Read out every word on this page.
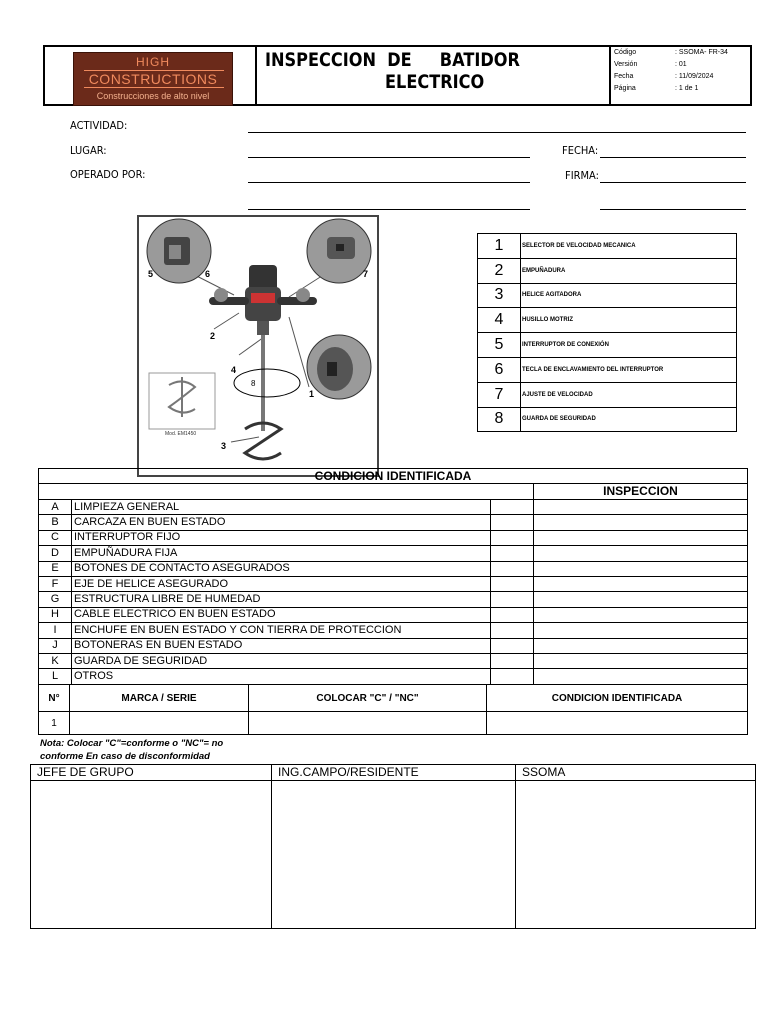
HIGH
CONSTRUCTIONS
Construcciones de alto nivel
INSPECCION  DE     BATIDOR
ELECTRICO
Código	: SSOMA- FR-34
Versión	: 01
Fecha	: 11/09/2024
Página	: 1 de 1
ACTIVIDAD:
LUGAR:	FECHA:
OPERADO POR:	FIRMA:
Mod. EM1450
5	6	7
2
4
1
3
8
1	SELECTOR DE VELOCIDAD MECANICA
2	EMPUÑADURA
3	HELICE AGITADORA
4	HUSILLO MOTRIZ
5	INTERRUPTOR DE CONEXIÓN
6	TECLA DE ENCLAVAMIENTO DEL INTERRUPTOR
7	AJUSTE DE VELOCIDAD
8	GUARDA DE SEGURIDAD
CONDICION IDENTIFICADA			
			INSPECCION
A	LIMPIEZA GENERAL		
B	CARCAZA EN BUEN ESTADO		
C	INTERRUPTOR FIJO		
D	EMPUÑADURA FIJA		
E	BOTONES DE CONTACTO ASEGURADOS		
F	EJE DE HELICE ASEGURADO		
G	ESTRUCTURA LIBRE DE HUMEDAD		
H	CABLE ELECTRICO EN BUEN ESTADO		
I	ENCHUFE EN BUEN ESTADO Y CON TIERRA DE PROTECCION		
J	BOTONERAS EN BUEN ESTADO		
K	GUARDA DE SEGURIDAD		
L	OTROS		
N°	MARCA / SERIE	COLOCAR "C" / "NC"	CONDICION IDENTIFICADA
1			
Nota: Colocar "C"=conforme o "NC"= no conforme En caso de disconformidad
JEFE DE GRUPO	ING.CAMPO/RESIDENTE	SSOMA
